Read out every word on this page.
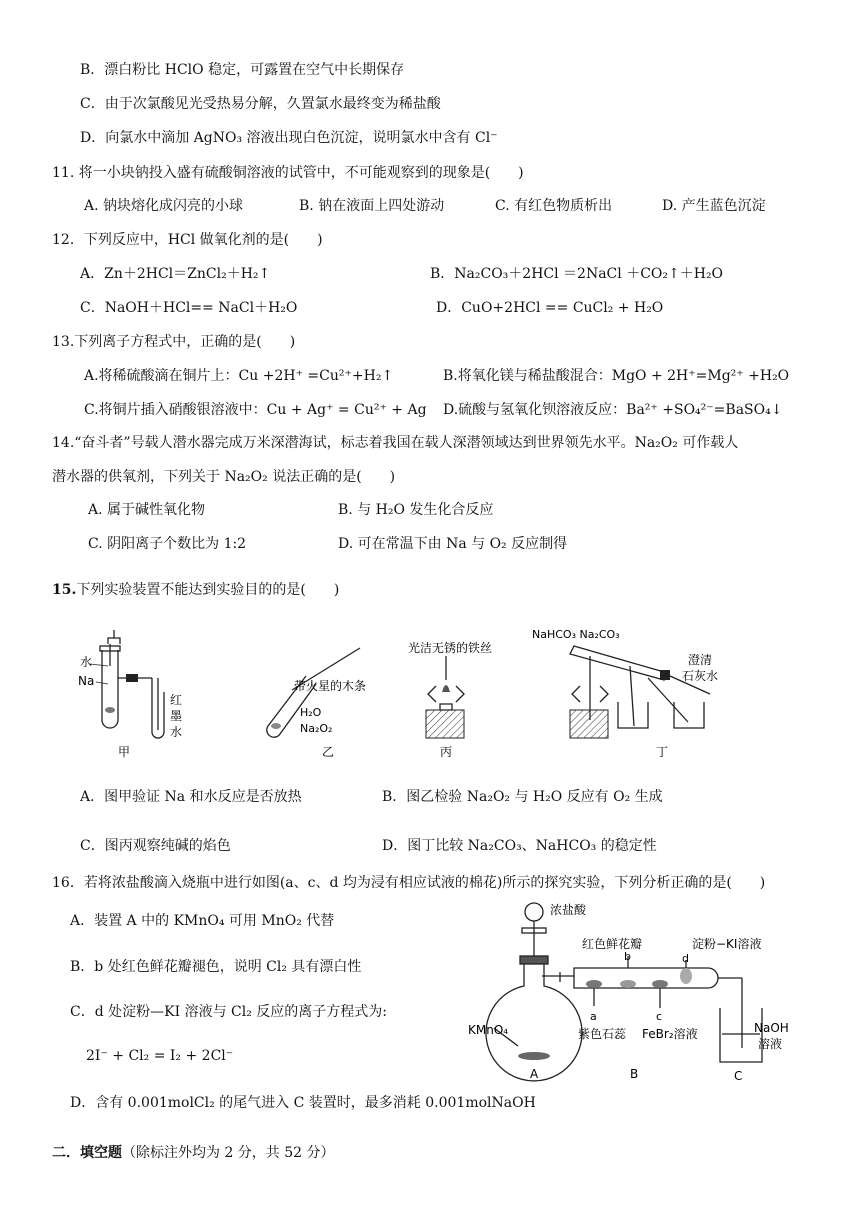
B．漂白粉比 HClO 稳定，可露置在空气中长期保存
C．由于次氯酸见光受热易分解，久置氯水最终变为稀盐酸
D．向氯水中滴加 AgNO₃ 溶液出现白色沉淀，说明氯水中含有 Cl⁻
11. 将一小块钠投入盛有硫酸铜溶液的试管中，不可能观察到的现象是(　　)
A. 钠块熔化成闪亮的小球	B. 钠在液面上四处游动	C. 有红色物质析出	D. 产生蓝色沉淀
12．下列反应中，HCl 做氧化剂的是(　　)
A．Zn＋2HCl＝ZnCl₂＋H₂↑	B．Na₂CO₃＋2HCl ＝2NaCl ＋CO₂↑＋H₂O
C．NaOH＋HCl== NaCl＋H₂O	D．CuO+2HCl == CuCl₂ + H₂O
13.下列离子方程式中，正确的是(　　)
A.将稀硫酸滴在铜片上：Cu +2H⁺ =Cu²⁺+H₂↑	B.将氧化镁与稀盐酸混合：MgO + 2H⁺=Mg²⁺ +H₂O
C.将铜片插入硝酸银溶液中：Cu + Ag⁺ = Cu²⁺ + Ag D.硫酸与氢氧化钡溶液反应：Ba²⁺ +SO₄²⁻=BaSO₄↓
14.“奋斗者”号载人潜水器完成万米深潜海试，标志着我国在载人深潜领域达到世界领先水平。Na₂O₂ 可作载人
潜水器的供氧剂，下列关于 Na₂O₂ 说法正确的是(　　)
A. 属于碱性氧化物	B. 与 H₂O 发生化合反应
C. 阴阳离子个数比为 1:2	D. 可在常温下由 Na 与 O₂ 反应制得
15.下列实验装置不能达到实验目的的是(　　)
水
Na
红
墨
水
甲
带火星的木条
H₂O
Na₂O₂
乙
光洁无锈的铁丝
丙
NaHCO₃ Na₂CO₃
澄清
石灰水
丁
A．图甲验证 Na 和水反应是否放热	B．图乙检验 Na₂O₂ 与 H₂O 反应有 O₂ 生成
C．图丙观察纯碱的焰色	D．图丁比较 Na₂CO₃、NaHCO₃ 的稳定性
16．若将浓盐酸滴入烧瓶中进行如图(a、c、d 均为浸有相应试液的棉花)所示的探究实验，下列分析正确的是(　　)
A．装置 A 中的 KMnO₄ 可用 MnO₂ 代替
B．b 处红色鲜花瓣褪色，说明 Cl₂ 具有漂白性
C．d 处淀粉—KI 溶液与 Cl₂ 反应的离子方程式为:
2I⁻ + Cl₂ = I₂ + 2Cl⁻
D．含有 0.001molCl₂ 的尾气进入 C 装置时，最多消耗 0.001molNaOH
浓盐酸
红色鲜花瓣	淀粉−KI溶液
b	d
a
紫色石蕊
c
FeBr₂溶液
KMnO₄	NaOH
溶液
A	B	C
二．填空题（除标注外均为 2 分，共 52 分）
